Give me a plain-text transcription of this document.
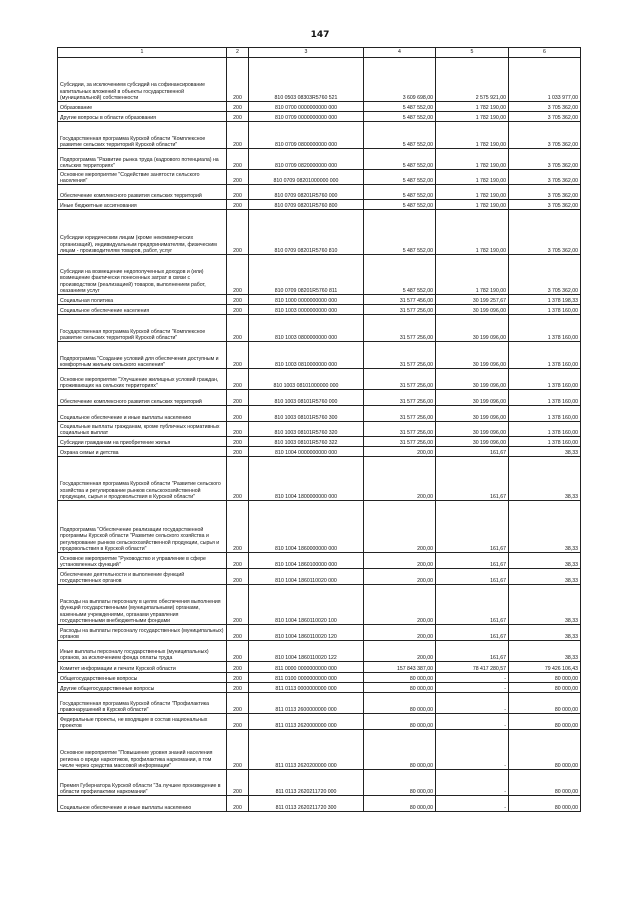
147
1	2	3	4	5	6
Субсидии, за исключением субсидий на софинансирование капитальных вложений в объекты государственной (муниципальной) собственности	200	810 0503 08303R5760 521	3 609 698,00	2 575 921,00	1 033 977,00
Образование	200	810 0700 0000000000 000	5 487 552,00	1 782 190,00	3 705 362,00
Другие вопросы в области образования	200	810 0709 0000000000 000	5 487 552,00	1 782 190,00	3 705 362,00
Государственная программа Курской области "Комплексное развитие сельских территорий Курской области"	200	810 0709 0800000000 000	5 487 552,00	1 782 190,00	3 705 362,00
Подпрограмма "Развитие рынка труда (кадрового потенциала) на сельских территориях"	200	810 0709 0820000000 000	5 487 552,00	1 782 190,00	3 705 362,00
Основное мероприятие "Содействие занятости сельского населения"	200	810 0709 08201000000 000	5 487 552,00	1 782 190,00	3 705 362,00
Обеспечение комплексного развития сельских территорий	200	810 0709 08201R5760 000	5 487 552,00	1 782 190,00	3 705 362,00
Иные бюджетные ассигнования	200	810 0709 08201R5760 800	5 487 552,00	1 782 190,00	3 705 362,00
Субсидии юридическим лицам (кроме некоммерческих организаций), индивидуальным предпринимателям, физическим лицам - производителям товаров, работ, услуг	200	810 0709 08201R5760 810	5 487 552,00	1 782 190,00	3 705 362,00
Субсидии на возмещение недополученных доходов и (или) возмещение фактически понесенных затрат в связи с производством (реализацией) товаров, выполнением работ, оказанием услуг	200	810 0709 08201R5760 811	5 487 552,00	1 782 190,00	3 705 362,00
Социальная политика	200	810 1000 0000000000 000	31 577 456,00	30 199 257,67	1 378 198,33
Социальное обеспечение населения	200	810 1003 0000000000 000	31 577 256,00	30 199 096,00	1 378 160,00
Государственная программа Курской области "Комплексное развитие сельских территорий Курской области"	200	810 1003 0800000000 000	31 577 256,00	30 199 096,00	1 378 160,00
Подпрограмма "Создание условий для обеспечения доступным и комфортным жильем сельского населения"	200	810 1003 0810000000 000	31 577 256,00	30 199 096,00	1 378 160,00
Основное мероприятие "Улучшение жилищных условий граждан, проживающих на сельских территориях"	200	810 1003 08101000000 000	31 577 256,00	30 199 096,00	1 378 160,00
Обеспечение комплексного развития сельских территорий	200	810 1003 08101R5760 000	31 577 256,00	30 199 096,00	1 378 160,00
Социальное обеспечение и иные выплаты населению	200	810 1003 08101R5760 300	31 577 256,00	30 199 096,00	1 378 160,00
Социальные выплаты гражданам, кроме публичных нормативных социальных выплат	200	810 1003 08101R5760 320	31 577 256,00	30 199 096,00	1 378 160,00
Субсидии гражданам на приобретение жилья	200	810 1003 08101R5760 322	31 577 256,00	30 199 096,00	1 378 160,00
Охрана семьи и детства	200	810 1004 0000000000 000	200,00	161,67	38,33
Государственная программа Курской области "Развитие сельского хозяйства и регулирование рынков сельскохозяйственной продукции, сырья и продовольствия в Курской области"	200	810 1004 1800000000 000	200,00	161,67	38,33
Подпрограмма "Обеспечение реализации государственной программы Курской области "Развитие сельского хозяйства и регулирование рынков сельскохозяйственной продукции, сырья и продовольствия в Курской области"	200	810 1004 1860000000 000	200,00	161,67	38,33
Основное мероприятие "Руководство и управление в сфере установленных функций"	200	810 1004 1860100000 000	200,00	161,67	38,33
Обеспечение деятельности и выполнение функций государственных органов	200	810 1004 1860110020 000	200,00	161,67	38,33
Расходы на выплаты персоналу в целях обеспечения выполнения функций государственными (муниципальными) органами, казенными учреждениями, органами управления государственными внебюджетными фондами	200	810 1004 1860110020 100	200,00	161,67	38,33
Расходы на выплаты персоналу государственных (муниципальных) органов	200	810 1004 1860110020 120	200,00	161,67	38,33
Иные выплаты персоналу государственных (муниципальных) органов, за исключением фонда оплаты труда	200	810 1004 1860110020 122	200,00	161,67	38,33
Комитет информации и печати Курской области	200	811 0000 0000000000 000	157 843 387,00	78 417 280,57	79 426 106,43
Общегосударственные вопросы	200	811 0100 0000000000 000	80 000,00	-	80 000,00
Другие общегосударственные вопросы	200	811 0113 0000000000 000	80 000,00	-	80 000,00
Государственная программа Курской области "Профилактика правонарушений в Курской области"	200	811 0113 2600000000 000	80 000,00	-	80 000,00
Федеральные проекты, не входящие в состав национальных проектов	200	811 0113 2620000000 000	80 000,00	-	80 000,00
Основное мероприятие "Повышение уровня знаний населения региона о вреде наркотиков, профилактика наркомании, в том числе через средства массовой информации"	200	811 0113 2620200000 000	80 000,00	-	80 000,00
Премия Губернатора Курской области "За лучшее произведение в области профилактики наркомании"	200	811 0113 2620211720 000	80 000,00	-	80 000,00
Социальное обеспечение и иные выплаты населению	200	811 0113 2620211720 300	80 000,00	-	80 000,00
